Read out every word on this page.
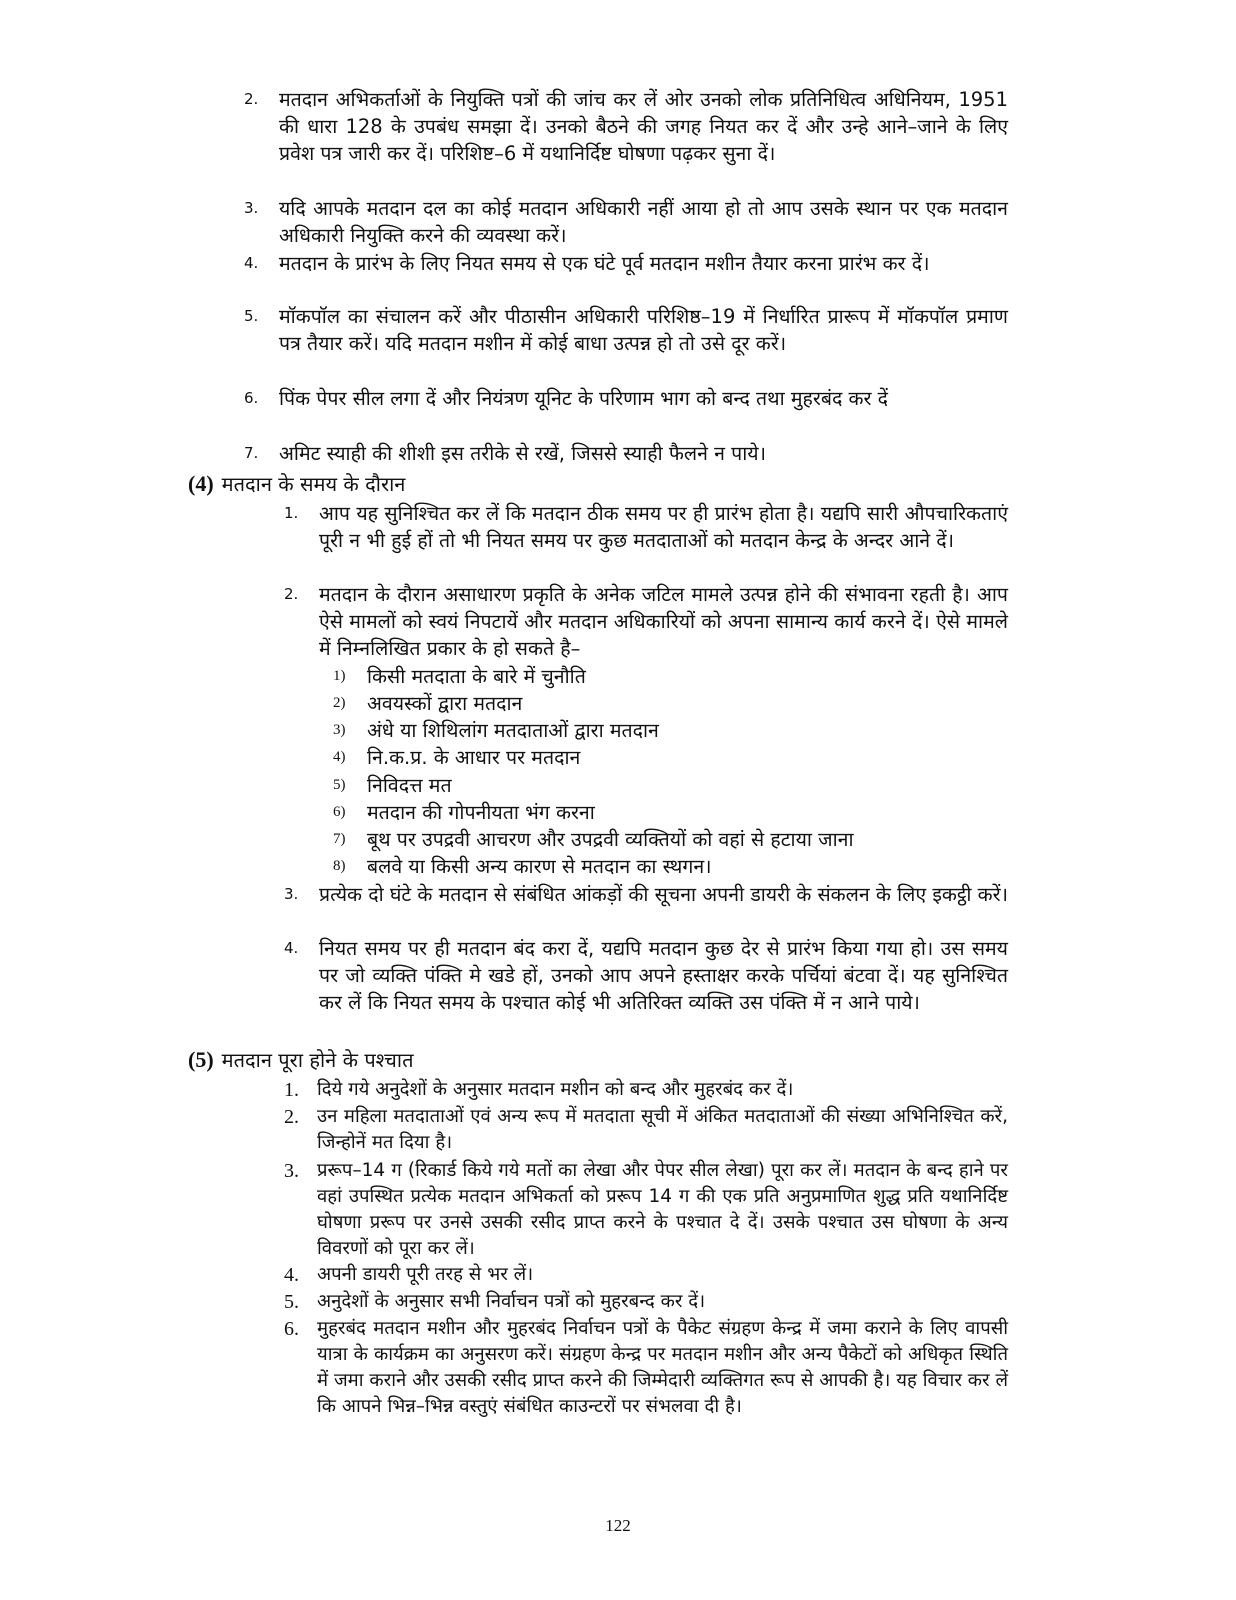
2.	मतदान अभिकर्ताओं के नियुक्ति पत्रों की जांच कर लें ओर उनको लोक प्रतिनिधित्व अधिनियम, 1951 की धारा 128 के उपबंध समझा दें। उनको बैठने की जगह नियत कर दें और उन्हे आने–जाने के लिए प्रवेश पत्र जारी कर दें। परिशिष्ट–6 में यथानिर्दिष्ट घोषणा पढ़कर सुना दें।
3.	यदि आपके मतदान दल का कोई मतदान अधिकारी नहीं आया हो तो आप उसके स्थान पर एक मतदान अधिकारी नियुक्ति करने की व्यवस्था करें।
4.	मतदान के प्रारंभ के लिए नियत समय से एक घंटे पूर्व मतदान मशीन तैयार करना प्रारंभ कर दें।
5.	मॉकपॉल का संचालन करें और पीठासीन अधिकारी परिशिष्ठ–19 में निर्धारित प्रारूप में मॉकपॉल प्रमाण पत्र तैयार करें। यदि मतदान मशीन में कोई बाधा उत्पन्न हो तो उसे दूर करें।
6.	पिंक पेपर सील लगा दें और नियंत्रण यूनिट के परिणाम भाग को बन्द तथा मुहरबंद कर दें
7.	अमिट स्याही की शीशी इस तरीके से रखें, जिससे स्याही फैलने न पाये।
(4) मतदान के समय के दौरान
1.	आप यह सुनिश्चित कर लें कि मतदान ठीक समय पर ही प्रारंभ होता है। यद्यपि सारी औपचारिकताएं पूरी न भी हुई हों तो भी नियत समय पर कुछ मतदाताओं को मतदान केन्द्र के अन्दर आने दें।
2.	मतदान के दौरान असाधारण प्रकृति के अनेक जटिल मामले उत्पन्न होने की संभावना रहती है। आप ऐसे मामलों को स्वयं निपटायें और मतदान अधिकारियों को अपना सामान्य कार्य करने दें। ऐसे मामले में निम्नलिखित प्रकार के हो सकते है–
1)	किसी मतदाता के बारे में चुनौति
2)	अवयस्कों द्वारा मतदान
3)	अंधे या शिथिलांग मतदाताओं द्वारा मतदान
4)	नि.क.प्र. के आधार पर मतदान
5)	निविदत्त मत
6)	मतदान की गोपनीयता भंग करना
7)	बूथ पर उपद्रवी आचरण और उपद्रवी व्यक्तियों को वहां से हटाया जाना
8)	बलवे या किसी अन्य कारण से मतदान का स्थगन।
3.	प्रत्येक दो घंटे के मतदान से संबंधित आंकड़ों की सूचना अपनी डायरी के संकलन के लिए इकट्ठी करें।
4.	नियत समय पर ही मतदान बंद करा दें, यद्यपि मतदान कुछ देर से प्रारंभ किया गया हो। उस समय पर जो व्यक्ति पंक्ति मे खडे हों, उनको आप अपने हस्ताक्षर करके पर्चियां बंटवा दें। यह सुनिश्चित कर लें कि नियत समय के पश्चात कोई भी अतिरिक्त व्यक्ति उस पंक्ति में न आने पाये।
(5) मतदान पूरा होने के पश्चात
1. दिये गये अनुदेशों के अनुसार मतदान मशीन को बन्द और मुहरबंद कर दें।
2. उन महिला मतदाताओं एवं अन्य रूप में मतदाता सूची में अंकित मतदाताओं की संख्या अभिनिश्चित करें, जिन्होनें मत दिया है।
3. प्ररूप–14 ग (रिकार्ड किये गये मतों का लेखा और पेपर सील लेखा) पूरा कर लें। मतदान के बन्द हाने पर वहां उपस्थित प्रत्येक मतदान अभिकर्ता को प्ररूप 14 ग की एक प्रति अनुप्रमाणित शुद्ध प्रति यथानिर्दिष्ट घोषणा प्ररूप पर उनसे उसकी रसीद प्राप्त करने के पश्चात दे दें। उसके पश्चात उस घोषणा के अन्य विवरणों को पूरा कर लें।
4. अपनी डायरी पूरी तरह से भर लें।
5. अनुदेशों के अनुसार सभी निर्वाचन पत्रों को मुहरबन्द कर दें।
6. मुहरबंद मतदान मशीन और मुहरबंद निर्वाचन पत्रों के पैकेट संग्रहण केन्द्र में जमा कराने के लिए वापसी यात्रा के कार्यक्रम का अनुसरण करें। संग्रहण केन्द्र पर मतदान मशीन और अन्य पैकेटों को अधिकृत स्थिति में जमा कराने और उसकी रसीद प्राप्त करने की जिम्मेदारी व्यक्तिगत रूप से आपकी है। यह विचार कर लें कि आपने भिन्न–भिन्न वस्तुएं संबंधित काउन्टरों पर संभलवा दी है।
122
